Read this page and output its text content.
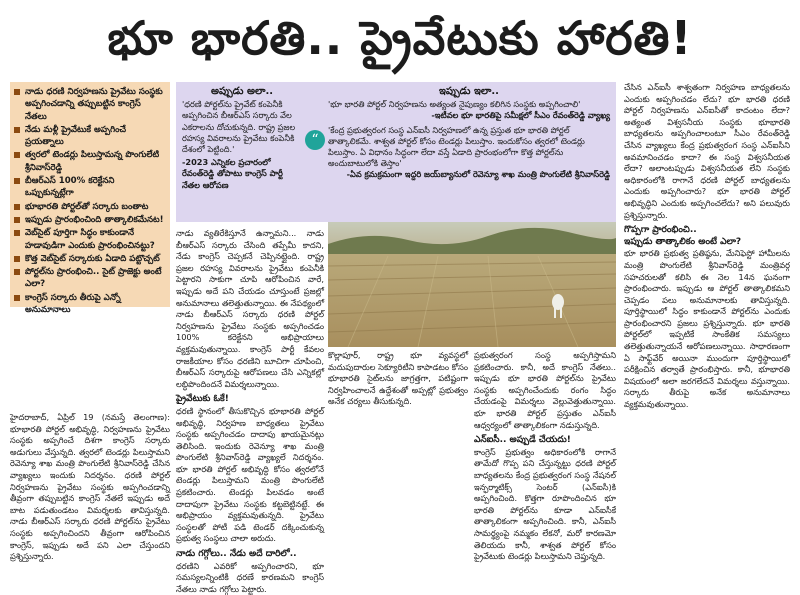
భూ భారతి.. ప్రైవేటుకు హారతి!
నాడు ధరణి నిర్వహణను ప్రైవేటు సంస్థకు అప్పగించడాన్ని తప్పుబట్టిన కాంగ్రెస్‌ నేతలు
నేడు మళ్లీ ప్రైవేటుకే అప్పగించే ప్రయత్నాలు
త్వరలో టెండర్లు పిలుస్తామన్న పొంగులేటి శ్రీనివాస్‌రెడ్డి
బీఆర్‌ఎస్‌ 100% కరెక్టేనని ఒప్పుకున్నట్లేగా
భూభారతి పోర్టల్‌తో సర్కారు బంతాట
ఇప్పుడు ప్రారంభించింది తాత్కాలికమేనట!
వెబ్‌సైట్‌ పూర్తిగా సిద్ధం కాకుండానే హడావుడిగా ఎందుకు ప్రారంభించినట్టు?
కొత్త వెబ్‌సైట్‌ సర్కారుకు ఏడాది పట్టొచ్చట్‌
పోర్టల్‌ను ప్రారంభించి.. సైట్‌ ప్రాజెక్టు అంటే ఎలా?
కాంగ్రెస్‌ సర్కారు తీరుపై ఎన్నో అనుమానాలు
అప్పుడు అలా..

'ధరణి పోర్టల్‌ను ప్రైవేట్‌ కంపెనీకి అప్పగించిన బీఆర్‌ఎస్‌ సర్కారు వేల ఎకరాలను దోచుకున్నది. రాష్ట్ర ప్రజల రహస్య వివరాలను ప్రైవేటు కంపెనీకి దేశంలో పెట్టింది.'

-2023 ఎన్నికల ప్రచారంలో రేవంత్‌రెడ్డి తోపాటు కాంగ్రెస్‌ పార్టీ నేతల ఆరోపణ

ఇప్పుడు ఇలా..

'భూ భారతి పోర్టల్‌ నిర్వహణను అత్యంత నైపుణ్యం కలిగిన సంస్థకు అప్పగించాలి'

-ఇటీవల భూ భారతిపై సమీక్షలో సీఎం రేవంత్‌రెడ్డి వ్యాఖ్య

'కేంద్ర ప్రభుత్వరంగ సంస్థ ఎన్‌ఐసీ నిర్వహణలో ఉన్న ప్రస్తుత భూ భారతి పోర్టల్‌ తాత్కాలికమే. శాశ్వత పోర్టల్‌ కోసం టెండర్లు పిలుస్తాం. ఇందుకోసం త్వరలో టెండర్లు పిలుస్తాం. ఏ విధానం సిద్ధంగా లేదా వస్తే ఏడాది ప్రారంభంలోగా కొత్త పోర్టల్‌ను అందుబాటులోకి తెస్తాం'

-ఏవ క్రమక్రమంగా ఇద్దరి జయ్‌బ్యానులో రెవెన్యూ శాఖ మంత్రి పొంగులేటి శ్రీనివాస్‌రెడ్డి

“

హైదరాబాద్‌, ఏప్రిల్‌ 19 (నమస్తే తెలంగాణ): భూభారతి పోర్టల్‌ అభివృద్ధి, నిర్వహణను ప్రైవేటు సంస్థకు అప్పగించే దిశగా కాంగ్రెస్‌ సర్కారు అడుగులు వేస్తున్నది. త్వరలో టెండర్లు పిలుస్తామని రెవెన్యూ శాఖ మంత్రి పొంగులేటి శ్రీనివాస్‌రెడ్డి చేసిన వ్యాఖ్యలు ఇందుకు నిదర్శనం. ధరణి పోర్టల్‌ నిర్వహణను ప్రైవేటు సంస్థకు అప్పగించడాన్ని తీవ్రంగా తప్పుబట్టిన కాంగ్రెస్‌ నేతలే ఇప్పుడు అదే బాట పడుతుండటం విమర్శలకు తావిస్తున్నది. నాడు బీఆర్‌ఎస్‌ సర్కారు ధరణి పోర్టల్‌ను ప్రైవేటు సంస్థకు అప్పగించిందని తీవ్రంగా ఆరోపించిన కాంగ్రెస్‌, ఇప్పుడు అదే పని ఎలా చేస్తుందని ప్రశ్నిస్తున్నారు.

నాడు వ్యతిరేకిస్తూనే ఉన్నామని... నాడు బీఆర్‌ఎస్‌ సర్కారు చేసింది తప్పేమీ కాదని, నేడు కాంగ్రెస్‌ చెప్పకనే చెప్పినట్లైంది. రాష్ట్ర ప్రజల రహస్య వివరాలను ప్రైవేటు కంపెనీకి పెట్టారని సాకుగా చూపి ఆరోపించిన వారే, ఇప్పుడు అదే పని చేయడం చూస్తుంటే ప్రజల్లో అనుమానాలు తలెత్తుతున్నాయి. ఈ నేపథ్యంలో నాడు బీఆర్‌ఎస్‌ సర్కారు ధరణి పోర్టల్‌ నిర్వహణను ప్రైవేటు సంస్థకు అప్పగించడం 100% కరెక్టేనని అభిప్రాయాలు వ్యక్తమవుతున్నాయి. కాంగ్రెస్‌ పార్టీ కేవలం రాజకీయాల కోసం ధరణిని బూచిగా చూపించి, బీఆర్‌ఎస్‌ సర్కారుపై ఆరోపణలు చేసి ఎన్నికల్లో లబ్ధిపొందిందనే విమర్శలున్నాయి.

ప్రైవేటుకు ఓకే!

ధరణి స్థానంలో తీసుకొచ్చిన భూభారతి పోర్టల్‌ అభివృద్ధి, నిర్వహణ బాధ్యతలు ప్రైవేటు సంస్థకు అప్పగించడం దాదాపు ఖాయమైనట్లు తెలిసింది. ఇందుకు రెవెన్యూ శాఖ మంత్రి పొంగులేటి శ్రీనివాస్‌రెడ్డి వ్యాఖ్యలే నిదర్శనం. భూ భారతి పోర్టల్‌ అభివృద్ధి కోసం త్వరలోనే టెండర్లు పిలుస్తామని మంత్రి పొంగులేటి ప్రకటించారు. టెండర్లు పిలవడం అంటే దాదాపుగా ప్రైవేటు సంస్థకు కట్టబెట్టినట్టే. ఈ అభిప్రాయం వ్యక్తమవుతున్నది. ప్రైవేటు సంస్థలతో పోటీ పడి టెండర్‌ దక్కించుకున్న ప్రభుత్వ సంస్థలు చాలా అరుదు.

నాడు గగ్గోలు.. నేడు అదే దారిలో..

ధరణిని ఎవరికో అప్పగించారని, భూ సమస్యలన్నింటికీ ధరణే కారణమని కాంగ్రెస్‌ నేతలు నాడు గగ్గోలు పెట్టారు.

కొల్లాపూర్‌, రాష్ట్ర భూ వ్యవస్థలో మదుపుదారుల సెక్యూరిటీని కాపాడటం కోసం భూభారతి సైట్‌లను జాగ్రత్తగా, పటిష్టంగా నిర్వహించాలనే ఉద్దేశంతో అప్పట్లో ప్రభుత్వం అనేక చర్యలు తీసుకున్నది.

ప్రభుత్వరంగ సంస్థ అప్పగిస్తామని ప్రకటించారు. కానీ, అదే కాంగ్రెస్‌ నేతలు.. ఇప్పుడు భూ భారతి పోర్టల్‌ను ప్రైవేటు సంస్థకు అప్పగించేందుకు రంగం సిద్ధం చేయడంపై విమర్శలు వెల్లువెత్తుతున్నాయి. భూ భారతి పోర్టల్‌ ప్రస్తుతం ఎన్‌ఐసీ ఆధ్వర్యంలో తాత్కాలికంగా నడుస్తున్నది.

ఎన్‌ఐసీ.. అప్పుడే చేయదు!

కాంగ్రెస్‌ ప్రభుత్వం అధికారంలోకి రాగానే తామేదో గొప్ప పని చేస్తున్నట్టు ధరణి పోర్టల్‌ బాధ్యతలను కేంద్ర ప్రభుత్వరంగ సంస్థ నేషనల్‌ ఇన్ఫర్మాటిక్స్‌ సెంటర్‌ (ఎన్‌ఐసీ)కి అప్పగించింది. కొత్తగా రూపొందించిన భూ భారతి పోర్టల్‌ను కూడా ఎన్‌ఐసీకే తాత్కాలికంగా అప్పగించింది. కానీ, ఎన్‌ఐసీ సామర్థ్యంపై నమ్మకం లేకనో, మరో కారణమో తెలియదు కానీ, శాశ్వత పోర్టల్‌ కోసం ప్రైవేటుకు టెండర్లు పిలుస్తామని చెప్తున్నది.

చేసిన ఎన్‌ఐసీ శాశ్వతంగా నిర్వహణ బాధ్యతలను ఎందుకు అప్పగించడం లేదు? భూ భారతి ధరణి పోర్టల్‌ నిర్వహణను ఎన్‌ఐసీతో కాదంటం లేదా? అత్యంత విశ్వసనీయ సంస్థకు భూభారతి బాధ్యతలను అప్పగించాలంటూ సీఎం రేవంత్‌రెడ్డి చేసిన వ్యాఖ్యలు కేంద్ర ప్రభుత్వరంగ సంస్థ ఎన్‌ఐసీని అవమానించడం కాదా? ఈ సంస్థ విశ్వసనీయత లేదా? అలాంటప్పుడు విశ్వసనీయత లేని సంస్థకు అధికారంలోకి రాగానే ధరణి పోర్టల్‌ బాధ్యతలను ఎందుకు అప్పగించారు? భూ భారతి పోర్టల్‌ అభివృద్ధిని ఎందుకు అప్పగించలేదు? అని పలువురు ప్రశ్నిస్తున్నారు.

గొప్పగా ప్రారంభించి..

ఇప్పుడు తాత్కాలికం అంటే ఎలా?

భూ భారతి ప్రభుత్వ ప్రతిష్ఠను, మేనిఫెస్టో హామీలను మంత్రి పొంగులేటి శ్రీనివాస్‌రెడ్డి మంత్రివర్గ సహచరులతో కలిసి ఈ నెల 14న ఘనంగా ప్రారంభించారు. ఇప్పుడు ఆ పోర్టల్‌ తాత్కాలికమని చెప్పడం పలు అనుమానాలకు తావిస్తున్నది. పూర్తిస్థాయిలో సిద్ధం కాకుండానే పోర్టల్‌ను ఎందుకు ప్రారంభించారని ప్రజలు ప్రశ్నిస్తున్నారు. భూ భారతి పోర్టల్‌లో ఇప్పటికే సాంకేతిక సమస్యలు తలెత్తుతున్నాయనే ఆరోపణలున్నాయి. సాధారణంగా ఏ సాఫ్ట్‌వేర్‌ అయినా ముందుగా పూర్తిస్థాయిలో పరీక్షించిన తర్వాతే ప్రారంభిస్తారు. కానీ, భూభారతి విషయంలో అలా జరగలేదనే విమర్శలు వస్తున్నాయి. సర్కారు తీరుపై అనేక అనుమానాలు వ్యక్తమవుతున్నాయి.
